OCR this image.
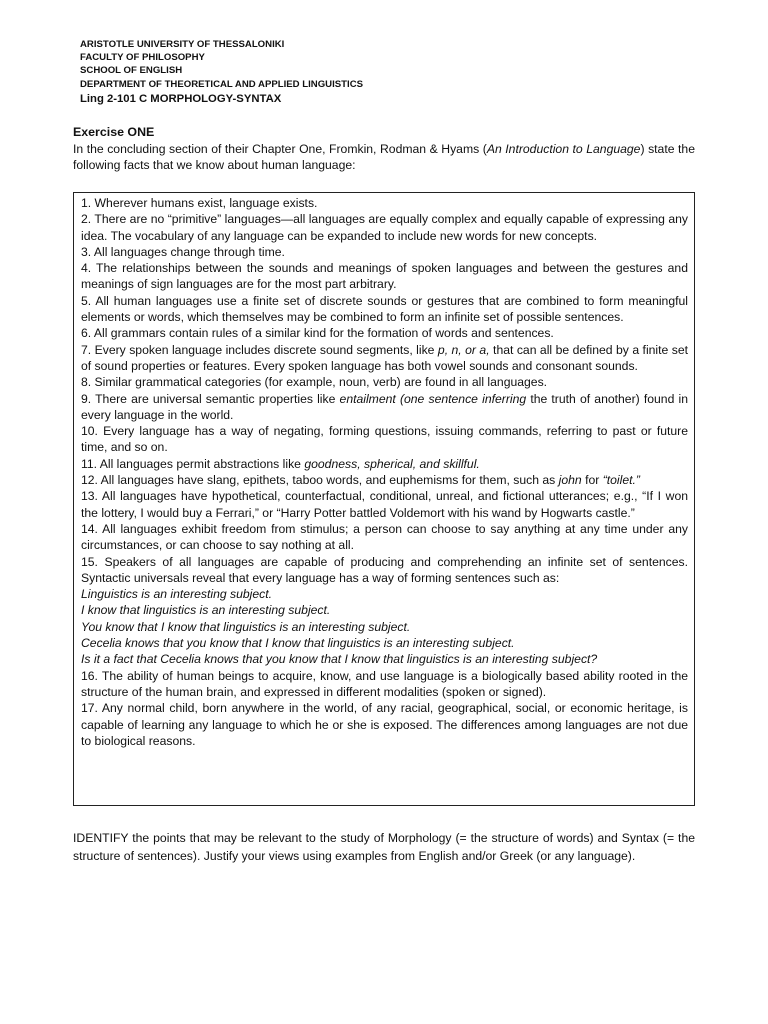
ARISTOTLE UNIVERSITY OF THESSALONIKI
FACULTY OF PHILOSOPHY
SCHOOL OF ENGLISH
DEPARTMENT OF THEORETICAL AND APPLIED LINGUISTICS
Ling 2-101 C MORPHOLOGY-SYNTAX
Exercise ONE

In the concluding section of their Chapter One, Fromkin, Rodman & Hyams (An Introduction to Language) state the following facts that we know about human language:

1. Wherever humans exist, language exists.

2. There are no “primitive” languages—all languages are equally complex and equally capable of expressing any idea. The vocabulary of any language can be expanded to include new words for new concepts.

3. All languages change through time.

4. The relationships between the sounds and meanings of spoken languages and between the gestures and meanings of sign languages are for the most part arbitrary.

5. All human languages use a finite set of discrete sounds or gestures that are combined to form meaningful elements or words, which themselves may be combined to form an infinite set of possible sentences.

6. All grammars contain rules of a similar kind for the formation of words and sentences.

7. Every spoken language includes discrete sound segments, like p, n, or a, that can all be defined by a finite set of sound properties or features. Every spoken language has both vowel sounds and consonant sounds.

8. Similar grammatical categories (for example, noun, verb) are found in all languages.

9. There are universal semantic properties like entailment (one sentence inferring the truth of another) found in every language in the world.

10. Every language has a way of negating, forming questions, issuing commands, referring to past or future time, and so on.

11. All languages permit abstractions like goodness, spherical, and skillful.

12. All languages have slang, epithets, taboo words, and euphemisms for them, such as john for “toilet.”

13. All languages have hypothetical, counterfactual, conditional, unreal, and fictional utterances; e.g., “If I won the lottery, I would buy a Ferrari,” or “Harry Potter battled Voldemort with his wand by Hogwarts castle.”

14. All languages exhibit freedom from stimulus; a person can choose to say anything at any time under any circumstances, or can choose to say nothing at all.

15. Speakers of all languages are capable of producing and comprehending an infinite set of sentences. Syntactic universals reveal that every language has a way of forming sentences such as:

Linguistics is an interesting subject.

I know that linguistics is an interesting subject.

You know that I know that linguistics is an interesting subject.

Cecelia knows that you know that I know that linguistics is an interesting subject.

Is it a fact that Cecelia knows that you know that I know that linguistics is an interesting subject?

16. The ability of human beings to acquire, know, and use language is a biologically based ability rooted in the structure of the human brain, and expressed in different modalities (spoken or signed).

17. Any normal child, born anywhere in the world, of any racial, geographical, social, or economic heritage, is capable of learning any language to which he or she is exposed. The differences among languages are not due to biological reasons.

IDENTIFY the points that may be relevant to the study of Morphology (= the structure of words) and Syntax (= the structure of sentences). Justify your views using examples from English and/or Greek (or any language).
